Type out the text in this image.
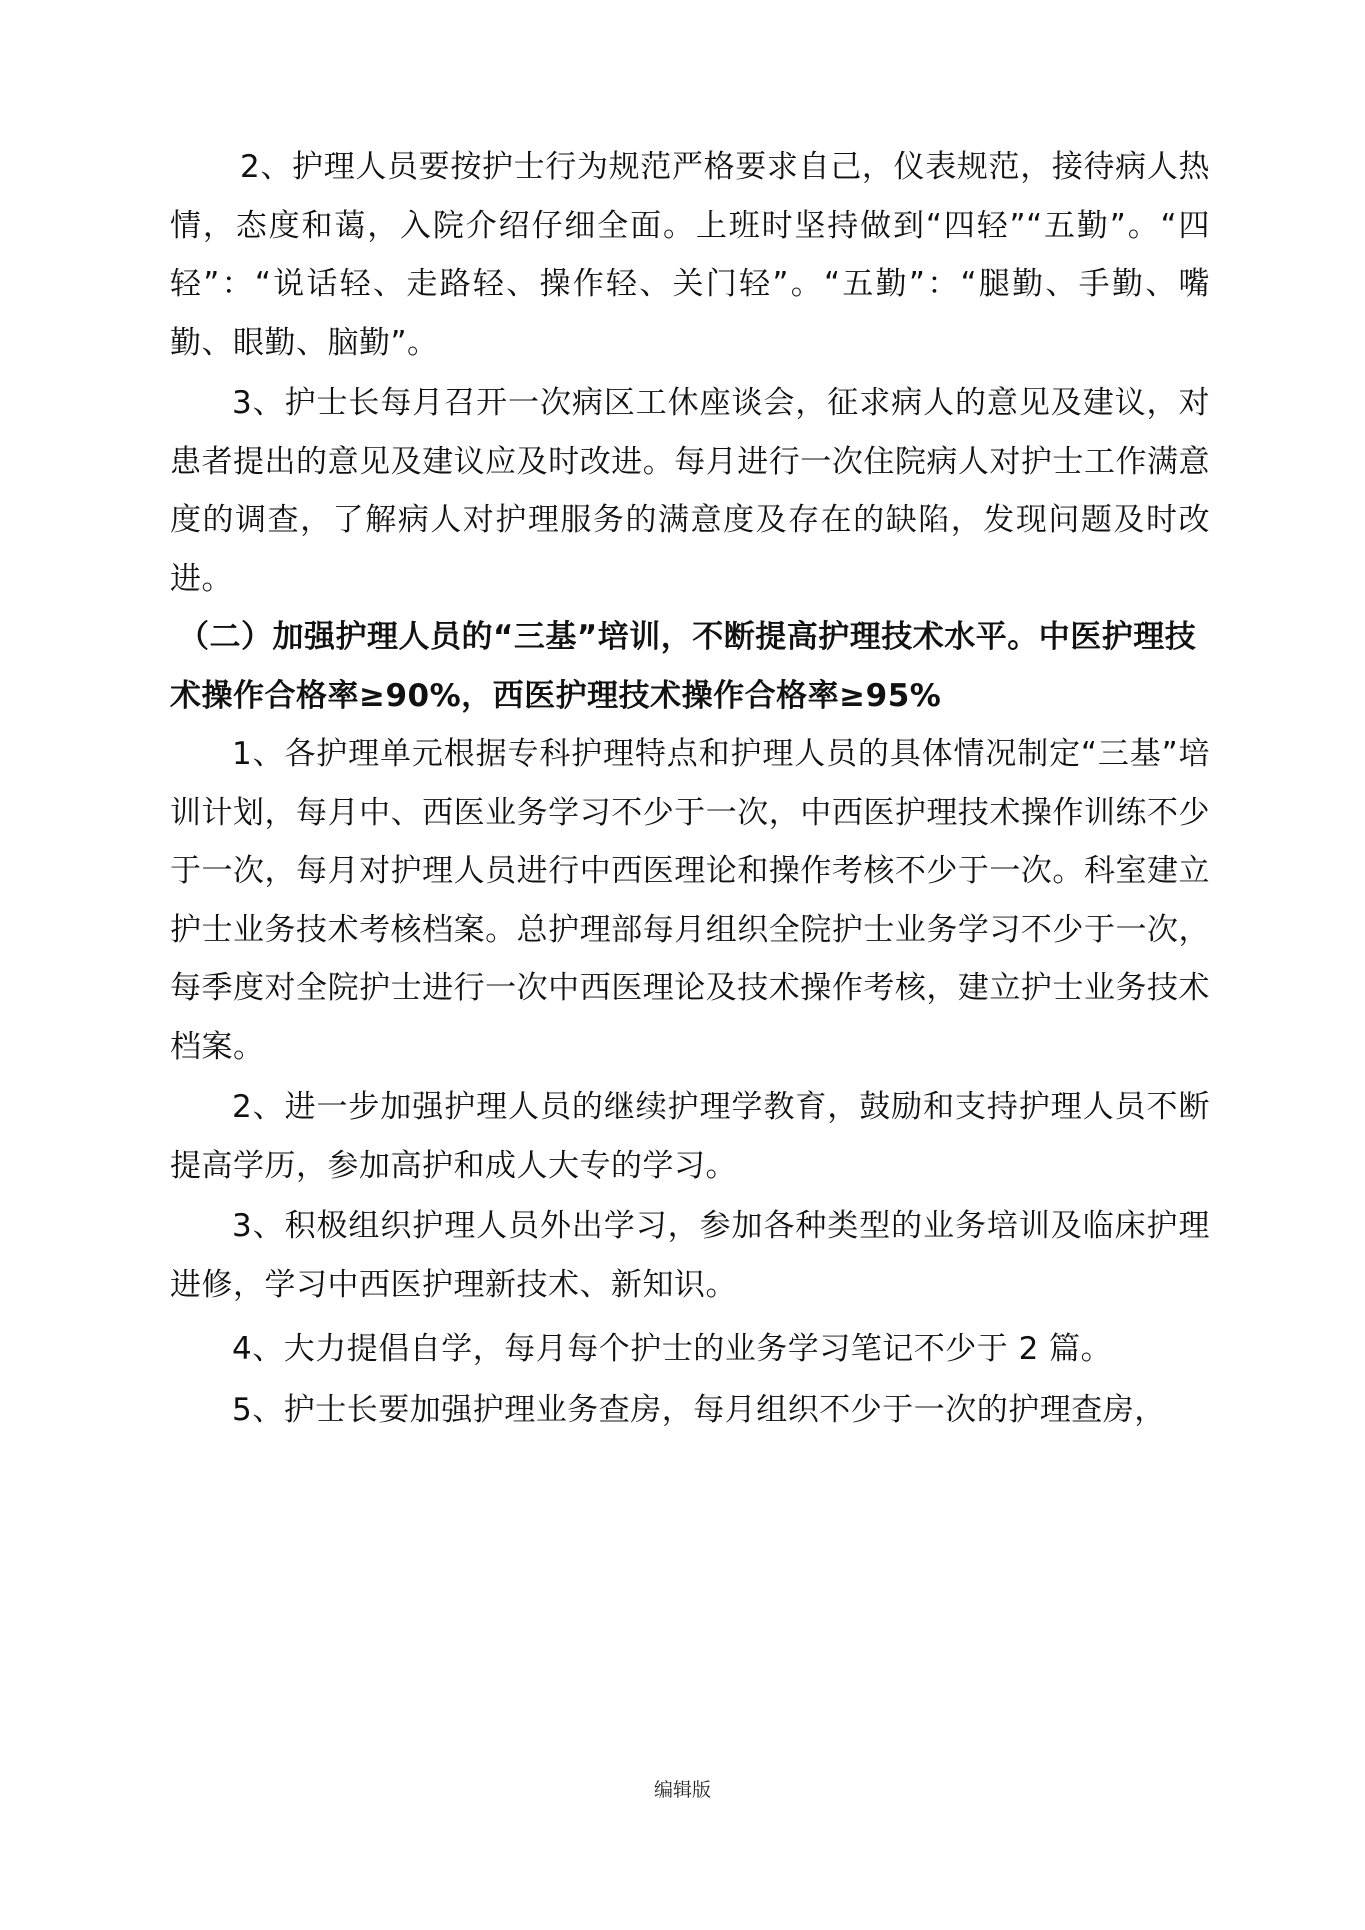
2、护理人员要按护士行为规范严格要求自己，仪表规范，接待病人热情，态度和蔼，入院介绍仔细全面。上班时坚持做到“四轻”“五勤”。“四轻”：“说话轻、走路轻、操作轻、关门轻”。“五勤”：“腿勤、手勤、嘴勤、眼勤、脑勤”。

3、护士长每月召开一次病区工休座谈会，征求病人的意见及建议，对患者提出的意见及建议应及时改进。每月进行一次住院病人对护士工作满意度的调查，了解病人对护理服务的满意度及存在的缺陷，发现问题及时改进。

（二）加强护理人员的“三基”培训，不断提高护理技术水平。中医护理技术操作合格率≥90%，西医护理技术操作合格率≥95%

1、各护理单元根据专科护理特点和护理人员的具体情况制定“三基”培训计划，每月中、西医业务学习不少于一次，中西医护理技术操作训练不少于一次，每月对护理人员进行中西医理论和操作考核不少于一次。科室建立护士业务技术考核档案。总护理部每月组织全院护士业务学习不少于一次，每季度对全院护士进行一次中西医理论及技术操作考核，建立护士业务技术档案。

2、进一步加强护理人员的继续护理学教育，鼓励和支持护理人员不断提高学历，参加高护和成人大专的学习。

3、积极组织护理人员外出学习，参加各种类型的业务培训及临床护理进修，学习中西医护理新技术、新知识。

4、大力提倡自学，每月每个护士的业务学习笔记不少于 2 篇。

5、护士长要加强护理业务查房，每月组织不少于一次的护理查房，

编辑版
